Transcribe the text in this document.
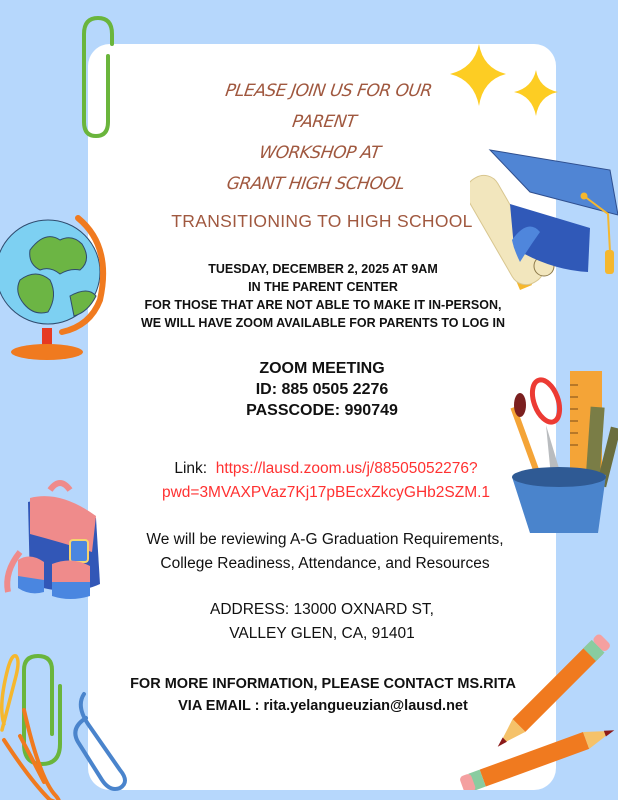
PLEASE JOIN US FOR OUR
PARENT
WORKSHOP AT
GRANT HIGH SCHOOL
TRANSITIONING TO HIGH SCHOOL
TUESDAY, DECEMBER 2, 2025 AT 9AM
IN THE PARENT CENTER
FOR THOSE THAT ARE NOT ABLE TO MAKE IT IN-PERSON,
WE WILL HAVE ZOOM AVAILABLE FOR PARENTS TO LOG IN
ZOOM MEETING
ID: 885 0505 2276
PASSCODE: 990749
Link: https://lausd.zoom.us/j/88505052276?
pwd=3MVAXPVaz7Kj17pBEcxZkcyGHb2SZM.1
We will be reviewing A-G Graduation Requirements,
College Readiness, Attendance, and Resources
ADDRESS: 13000 OXNARD ST,
VALLEY GLEN, CA, 91401
FOR MORE INFORMATION, PLEASE CONTACT MS.RITA
VIA EMAIL : rita.yelangueuzian@lausd.net
